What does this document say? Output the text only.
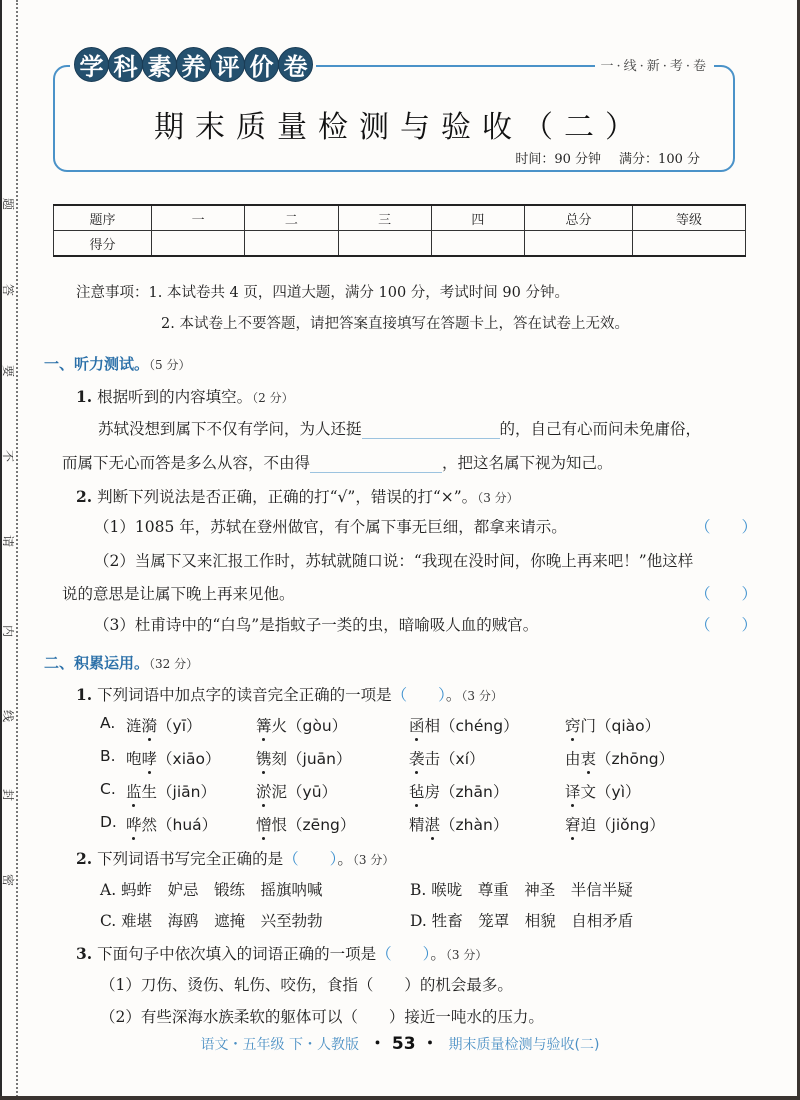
题
答
要
不
请
内
线
封
密
学 科 素 养 评 价 卷	一·线·新·考·卷
期末质量检测与验收（二）
时间：90 分钟 满分：100 分
题序	一	二	三	四	总分	等级
得分						
注意事项：1. 本试卷共 4 页，四道大题，满分 100 分，考试时间 90 分钟。
2. 本试卷上不要答题，请把答案直接填写在答题卡上，答在试卷上无效。
一、听力测试。（5 分）
1. 根据听到的内容填空。（2 分）
苏轼没想到属下不仅有学问，为人还挺	的，自己有心而问未免庸俗，
而属下无心而答是多么从容，不由得	，把这名属下视为知己。
2. 判断下列说法是否正确，正确的打“√”，错误的打“×”。（3 分）
（1）1085 年，苏轼在登州做官，有个属下事无巨细，都拿来请示。	（　　）
（2）当属下又来汇报工作时，苏轼就随口说：“我现在没时间，你晚上再来吧！”他这样
说的意思是让属下晚上再来见他。	（　　）
（3）杜甫诗中的“白鸟”是指蚊子一类的虫，暗喻吸人血的贼官。	（　　）
二、积累运用。（32 分）
1. 下列词语中加点字的读音完全正确的一项是（　　）。（3 分）
A. 涟漪（yī）	篝火（gòu）	函相（chéng）	窍门（qiào）
B. 咆哮（xiāo） 镌刻（juān）	袭击（xí）	由衷（zhōng）
C. 监生（jiān）	淤泥（yū）	毡房（zhān）	译文（yì）
D. 哗然（huá）	憎恨（zēng）	精湛（zhàn）	窘迫（jiǒng）
2. 下列词语书写完全正确的是（　　）。（3 分）
A. 蚂蚱　妒忌　锻练　摇旗呐喊	B. 喉咙　尊重　神圣　半信半疑
C. 难堪　海鸥　遮掩　兴至勃勃	D. 牲畜　笼罩　相貌　自相矛盾
3. 下面句子中依次填入的词语正确的一项是（　　）。（3 分）
（1）刀伤、烫伤、轧伤、咬伤，食指（　　）的机会最多。
（2）有些深海水族柔软的躯体可以（　　）接近一吨水的压力。
语文・五年级 下・人教版 ・ 53 ・ 期末质量检测与验收(二)
